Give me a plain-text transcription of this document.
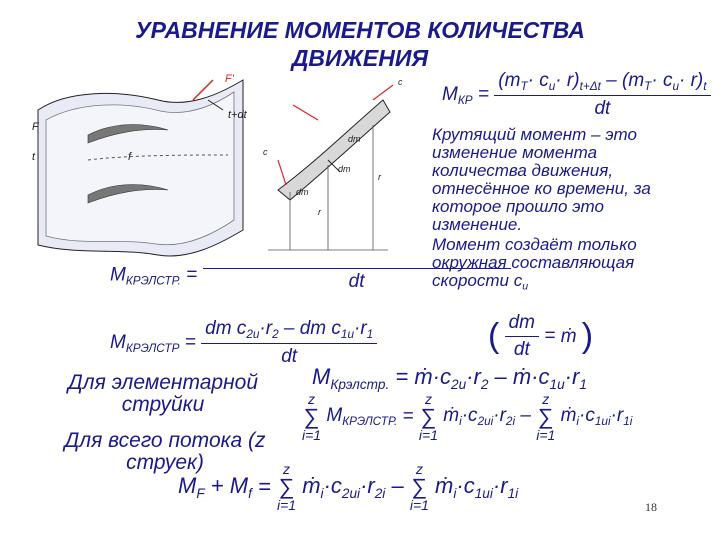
УРАВНЕНИЕ МОМЕНТОВ КОЛИЧЕСТВА
ДВИЖЕНИЯ
F'
t+dt
F
t	f
c
c
dm
dm
dm
r
r
$M_{КР} = \frac{(m_T\cdot c_u\cdot r)_{t+\Delta t} - (m_T\cdot c_u\cdot r)_t}{dt}$
Крутящий момент – это
изменение момента
количества движения,
отнесённое ко времени, за
которое прошло это
изменение.
Момент создаёт только
окружная составляющая
скорости $c_u$
$M_{КРЭЛСТР.}$ =
	dt
$M_{КРЭЛСТР} = \frac{dm c_{2u}\cdot r_2 - dm c_{1u}\cdot r_1}{dt}$	( $\frac{dm}{dt}$ = ṁ )
Для элементарной
струйки
$M_{Крэлстр.}$ = $ṁ\cdot c_{2u}\cdot r_2$ – $ṁ\cdot c_{1u}\cdot r_1$
z
∑
i=1
$M_{КРЭЛСТР.}$ =
z
∑
i=1
$ṁ_i\cdot c_{2ui}\cdot r_{2i}$ –
z
∑
i=1
$ṁ_i\cdot c_{1ui}\cdot r_{1i}$
Для всего потока (z
струек)
$M_F + M_f$ =
z
∑
i=1
$ṁ_i\cdot c_{2ui}\cdot r_{2i}$ –
z
∑
i=1
$ṁ_i\cdot c_{1ui}\cdot r_{1i}$
18
